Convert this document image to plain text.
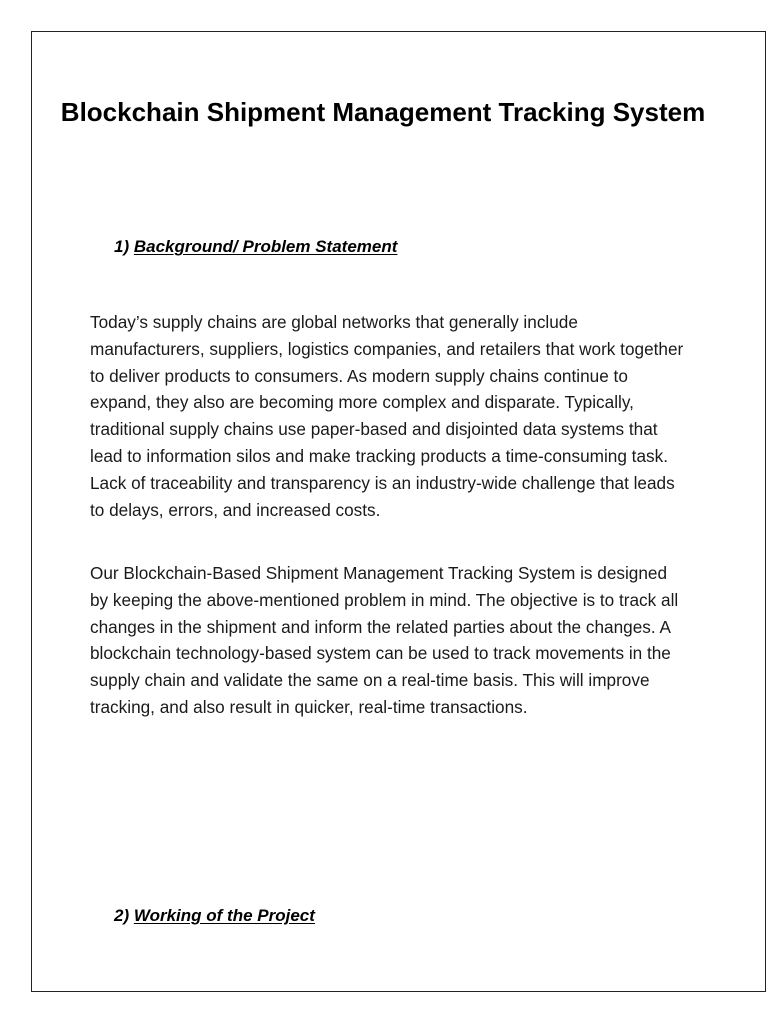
Blockchain Shipment Management Tracking System
1) Background/ Problem Statement

Today’s supply chains are global networks that generally include manufacturers, suppliers, logistics companies, and retailers that work together to deliver products to consumers. As modern supply chains continue to expand, they also are becoming more complex and disparate. Typically, traditional supply chains use paper-based and disjointed data systems that lead to information silos and make tracking products a time-consuming task. Lack of traceability and transparency is an industry-wide challenge that leads to delays, errors, and increased costs.

Our Blockchain-Based Shipment Management Tracking System is designed by keeping the above-mentioned problem in mind. The objective is to track all changes in the shipment and inform the related parties about the changes. A blockchain technology-based system can be used to track movements in the supply chain and validate the same on a real-time basis. This will improve tracking, and also result in quicker, real-time transactions.

2) Working of the Project
